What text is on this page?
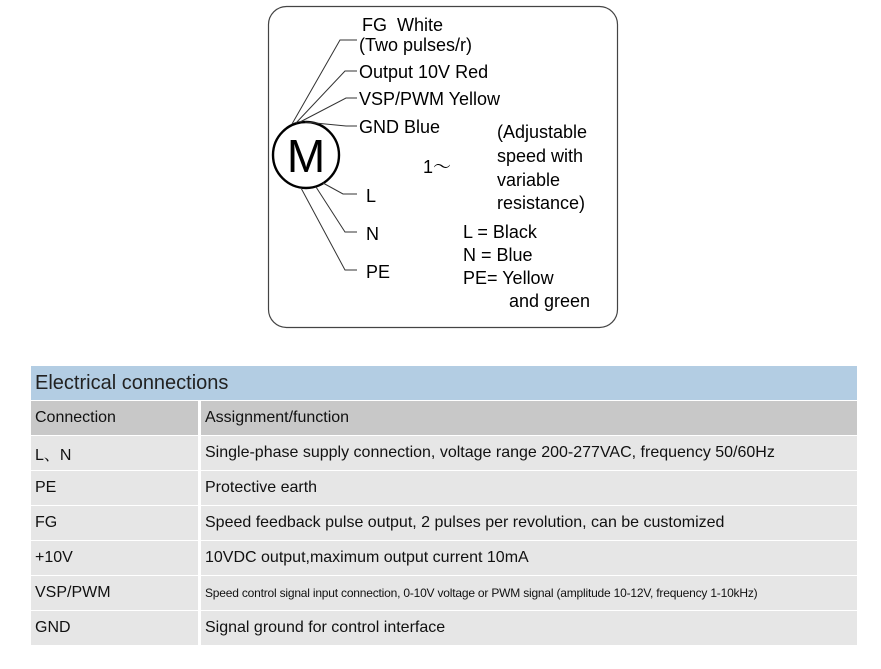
M
FG  White
(Two pulses/r)
Output 10V Red
VSP/PWM Yellow
GND Blue
L
N
PE
1～
(Adjustable
speed with
variable
resistance)
L = Black
N = Blue
PE= Yellow
and green
Electrical connections
Connection	Assignment/function
L、N	Single-phase supply connection, voltage range 200-277VAC, frequency 50/60Hz
PE	Protective earth
FG	Speed feedback pulse output, 2 pulses per revolution, can be customized
+10V	10VDC output,maximum output current 10mA
VSP/PWM	Speed control signal input connection, 0-10V voltage or PWM signal (amplitude 10-12V, frequency 1-10kHz)
GND	Signal ground for control interface
